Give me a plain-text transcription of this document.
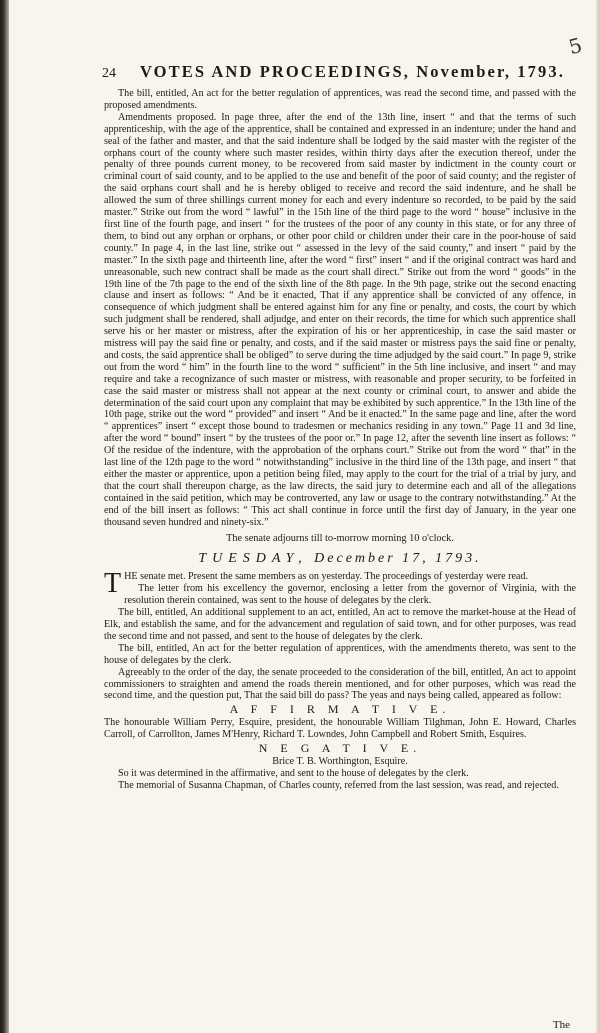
5
24 VOTES AND PROCEEDINGS, November, 1793.

The bill, entitled, An act for the better regulation of apprentices, was read the second time, and passed with the proposed amendments.

Amendments proposed. In page three, after the end of the 13th line, insert “ and that the terms of such apprenticeship, with the age of the apprentice, shall be contained and expressed in an indenture; under the hand and seal of the father and master, and that the said indenture shall be lodged by the said master with the register of the orphans court of the county where such master resides, within thirty days after the execution thereof, under the penalty of three pounds current money, to be recovered from said master by indictment in the county court or criminal court of said county, and to be applied to the use and benefit of the poor of said county; and the register of the said orphans court shall and he is hereby obliged to receive and record the said indenture, and he shall be allowed the sum of three shillings current money for each and every indenture so recorded, to be paid by the said master.” Strike out from the word “ lawful” in the 15th line of the third page to the word “ house” inclusive in the first line of the fourth page, and insert “ for the trustees of the poor of any county in this state, or for any three of them, to bind out any orphan or orphans, or other poor child or children under their care in the poor-house of said county.” In page 4, in the last line, strike out “ assessed in the levy of the said county,” and insert “ paid by the master.” In the sixth page and thirteenth line, after the word “ first” insert “ and if the original contract was hard and unreasonable, such new contract shall be made as the court shall direct.” Strike out from the word “ goods” in the 19th line of the 7th page to the end of the sixth line of the 8th page. In the 9th page, strike out the second enacting clause and insert as follows: “ And be it enacted, That if any apprentice shall be convicted of any offence, in consequence of which judgment shall be entered against him for any fine or penalty, and costs, the court by which such judgment shall be rendered, shall adjudge, and enter on their records, the time for which such apprentice shall serve his or her master or mistress, after the expiration of his or her apprenticeship, in case the said master or mistress will pay the said fine or penalty, and costs, and if the said master or mistress pays the said fine or penalty, and costs, the said apprentice shall be obliged” to serve during the time adjudged by the said court.” In page 9, strike out from the word “ him” in the fourth line to the word “ sufficient” in the 5th line inclusive, and insert “ and may require and take a recognizance of such master or mistress, with reasonable and proper security, to be forfeited in case the said master or mistress shall not appear at the next county or criminal court, to answer and abide the determination of the said court upon any complaint that may be exhibited by such apprentice.” In the 13th line of the 10th page, strike out the word “ provided” and insert “ And be it enacted.” In the same page and line, after the word “ apprentices” insert “ except those bound to tradesmen or mechanics residing in any town.” Page 11 and 3d line, after the word “ bound” insert “ by the trustees of the poor or.” In page 12, after the seventh line insert as follows: “ Of the residue of the indenture, with the approbation of the orphans court.” Strike out from the word “ that” in the last line of the 12th page to the word “ notwithstanding” inclusive in the third line of the 13th page, and insert “ that either the master or apprentice, upon a petition being filed, may apply to the court for the trial of a trial by jury, and that the court shall thereupon charge, as the law directs, the said jury to determine each and all of the allegations contained in the said petition, which may be controverted, any law or usage to the contrary notwithstanding.” At the end of the bill insert as follows: “ This act shall continue in force until the first day of January, in the year one thousand seven hundred and ninety-six.”

The senate adjourns till to-morrow morning 10 o'clock.

TUESDAY, December 17, 1793.

THE senate met. Present the same members as on yesterday. The proceedings of yesterday were read.

The letter from his excellency the governor, enclosing a letter from the governor of Virginia, with the resolution therein contained, was sent to the house of delegates by the clerk.

The bill, entitled, An additional supplement to an act, entitled, An act to remove the market-house at the Head of Elk, and establish the same, and for the advancement and regulation of said town, and for other purposes, was read the second time and not passed, and sent to the house of delegates by the clerk.

The bill, entitled, An act for the better regulation of apprentices, with the amendments thereto, was sent to the house of delegates by the clerk.

Agreeably to the order of the day, the senate proceeded to the consideration of the bill, entitled, An act to appoint commissioners to straighten and amend the roads therein mentioned, and for other purposes, which was read the second time, and the question put, That the said bill do pass? The yeas and nays being called, appeared as follow:

A F F I R M A T I V E.

The honourable William Perry, Esquire, president, the honourable William Tilghman, John E. Howard, Charles Carroll, of Carrollton, James M'Henry, Richard T. Lowndes, John Campbell and Robert Smith, Esquires.

N E G A T I V E.

Brice T. B. Worthington, Esquire.

So it was determined in the affirmative, and sent to the house of delegates by the clerk.

The memorial of Susanna Chapman, of Charles county, referred from the last session, was read, and rejected.

The
